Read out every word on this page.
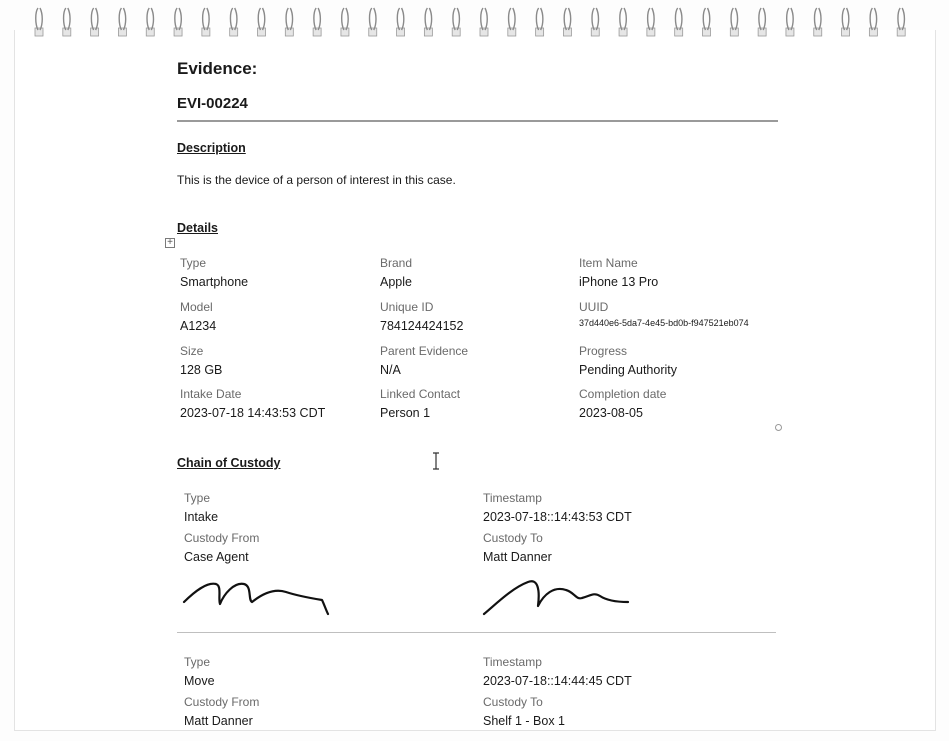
Evidence:
EVI-00224
Description
This is the device of a person of interest in this case.
Details
+
Type
Smartphone
Brand
Apple
Item Name
iPhone 13 Pro
Model
A1234
Unique ID
784124424152
UUID
37d440e6-5da7-4e45-bd0b-f947521eb074
Size
128 GB
Parent Evidence
N/A
Progress
Pending Authority
Intake Date
2023-07-18 14:43:53 CDT
Linked Contact
Person 1
Completion date
2023-08-05
Chain of Custody
Type
Intake
Timestamp
2023-07-18::14:43:53 CDT
Custody From
Case Agent
Custody To
Matt Danner
Type
Move
Timestamp
2023-07-18::14:44:45 CDT
Custody From
Matt Danner
Custody To
Shelf 1 - Box 1
